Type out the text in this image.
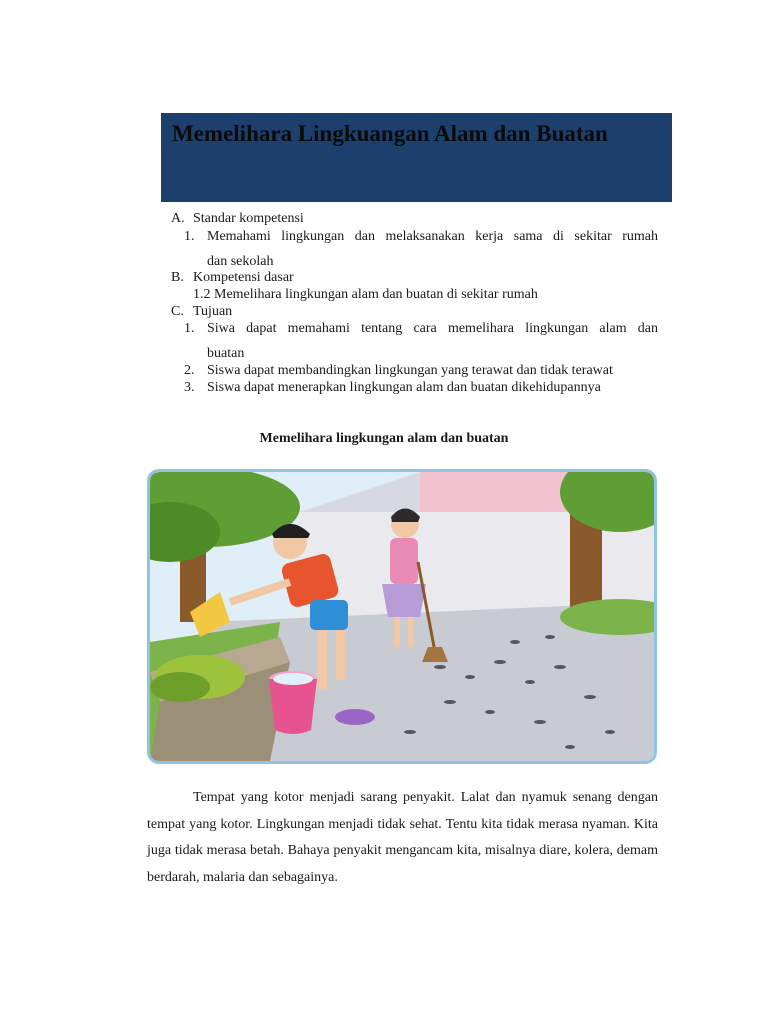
Memelihara Lingkuangan Alam dan Buatan
A. Standar kompetensi
1. Memahami lingkungan dan melaksanakan kerja sama di sekitar rumah
dan sekolah
B. Kompetensi dasar
1.2 Memelihara lingkungan alam dan buatan di sekitar rumah
C. Tujuan
1. Siwa dapat memahami tentang cara memelihara lingkungan alam dan
buatan
2. Siswa dapat membandingkan lingkungan yang terawat dan tidak terawat
3. Siswa dapat menerapkan lingkungan alam dan buatan dikehidupannya
Memelihara lingkungan alam dan buatan

Tempat yang kotor menjadi sarang penyakit. Lalat dan nyamuk senang dengan tempat yang kotor. Lingkungan menjadi tidak sehat. Tentu kita tidak merasa nyaman. Kita juga tidak merasa betah. Bahaya penyakit mengancam kita, misalnya diare, kolera, demam berdarah, malaria dan sebagainya.
